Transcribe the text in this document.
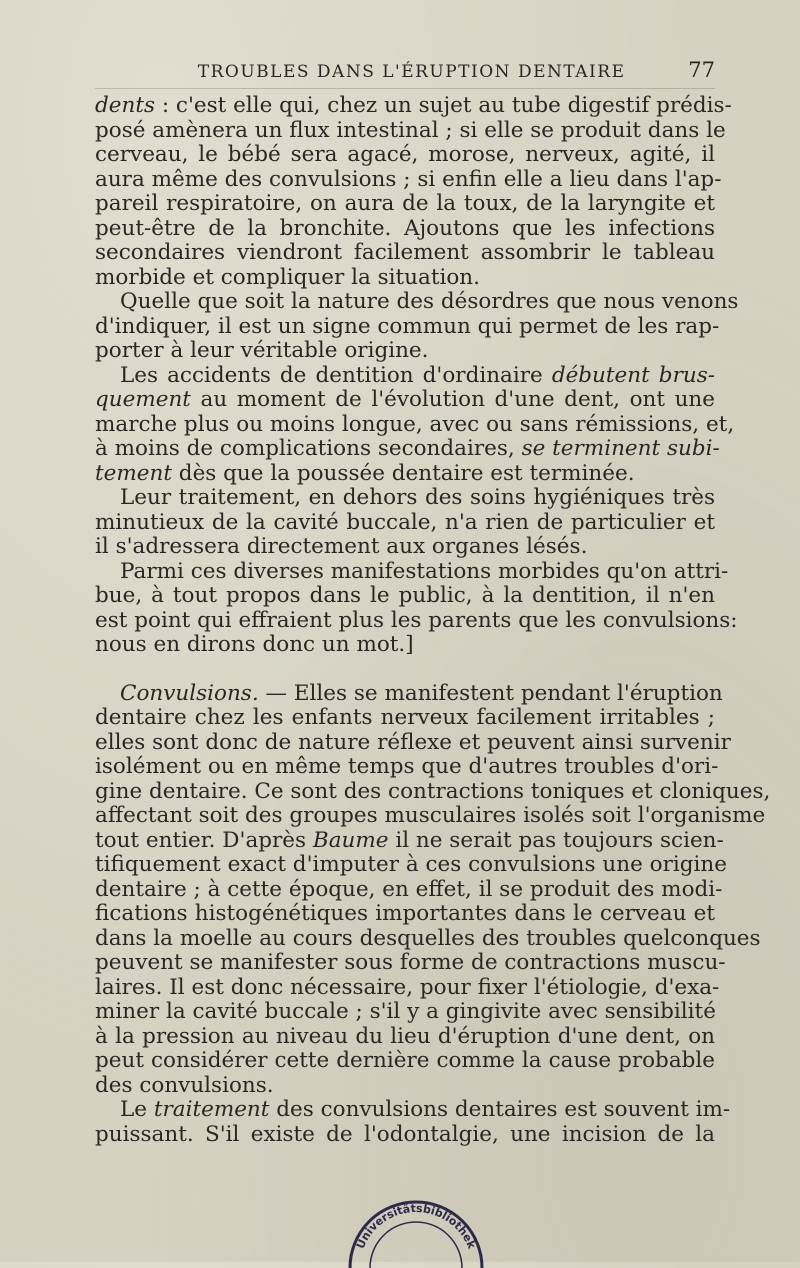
TROUBLES DANS L'ÉRUPTION DENTAIRE	77
dents : c'est elle qui, chez un sujet au tube digestif prédis-
posé amènera un flux intestinal ; si elle se produit dans le
cerveau, le bébé sera agacé, morose, nerveux, agité, il
aura même des convulsions ; si enfin elle a lieu dans l'ap-
pareil respiratoire, on aura de la toux, de la laryngite et
peut-être de la bronchite. Ajoutons que les infections
secondaires viendront facilement assombrir le tableau
morbide et compliquer la situation.
Quelle que soit la nature des désordres que nous venons
d'indiquer, il est un signe commun qui permet de les rap-
porter à leur véritable origine.
Les accidents de dentition d'ordinaire débutent brus-
quement au moment de l'évolution d'une dent, ont une
marche plus ou moins longue, avec ou sans rémissions, et,
à moins de complications secondaires, se terminent subi-
tement dès que la poussée dentaire est terminée.
Leur traitement, en dehors des soins hygiéniques très
minutieux de la cavité buccale, n'a rien de particulier et
il s'adressera directement aux organes lésés.
Parmi ces diverses manifestations morbides qu'on attri-
bue, à tout propos dans le public, à la dentition, il n'en
est point qui effraient plus les parents que les convulsions:
nous en dirons donc un mot.]
Convulsions. — Elles se manifestent pendant l'éruption
dentaire chez les enfants nerveux facilement irritables ;
elles sont donc de nature réflexe et peuvent ainsi survenir
isolément ou en même temps que d'autres troubles d'ori-
gine dentaire. Ce sont des contractions toniques et cloniques,
affectant soit des groupes musculaires isolés soit l'organisme
tout entier. D'après Baume il ne serait pas toujours scien-
tifiquement exact d'imputer à ces convulsions une origine
dentaire ; à cette époque, en effet, il se produit des modi-
fications histogénétiques importantes dans le cerveau et
dans la moelle au cours desquelles des troubles quelconques
peuvent se manifester sous forme de contractions muscu-
laires. Il est donc nécessaire, pour fixer l'étiologie, d'exa-
miner la cavité buccale ; s'il y a gingivite avec sensibilité
à la pression au niveau du lieu d'éruption d'une dent, on
peut considérer cette dernière comme la cause probable
des convulsions.
Le traitement des convulsions dentaires est souvent im-
puissant. S'il existe de l'odontalgie, une incision de la
Universitätsbibliothek
